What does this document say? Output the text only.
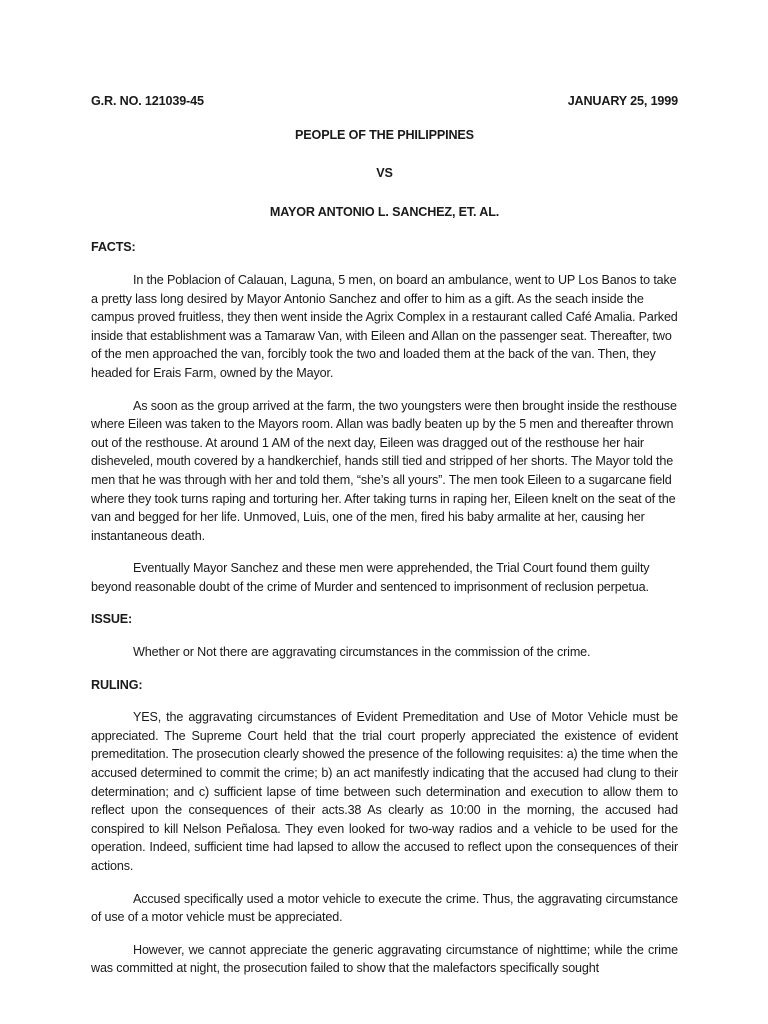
G.R. NO. 121039-45	JANUARY 25, 1999
PEOPLE OF THE PHILIPPINES
VS
MAYOR ANTONIO L. SANCHEZ, ET. AL.
FACTS:

In the Poblacion of Calauan, Laguna, 5 men, on board an ambulance, went to UP Los Banos to take a pretty lass long desired by Mayor Antonio Sanchez and offer to him as a gift. As the seach inside the campus proved fruitless, they then went inside the Agrix Complex in a restaurant called Café Amalia. Parked inside that establishment was a Tamaraw Van, with Eileen and Allan on the passenger seat. Thereafter, two of the men approached the van, forcibly took the two and loaded them at the back of the van. Then, they headed for Erais Farm, owned by the Mayor.

As soon as the group arrived at the farm, the two youngsters were then brought inside the resthouse where Eileen was taken to the Mayors room. Allan was badly beaten up by the 5 men and thereafter thrown out of the resthouse. At around 1 AM of the next day, Eileen was dragged out of the resthouse her hair disheveled, mouth covered by a handkerchief, hands still tied and stripped of her shorts. The Mayor told the men that he was through with her and told them, “she’s all yours”. The men took Eileen to a sugarcane field where they took turns raping and torturing her. After taking turns in raping her, Eileen knelt on the seat of the van and begged for her life. Unmoved, Luis, one of the men, fired his baby armalite at her, causing her instantaneous death.

Eventually Mayor Sanchez and these men were apprehended, the Trial Court found them guilty beyond reasonable doubt of the crime of Murder and sentenced to imprisonment of reclusion perpetua.

ISSUE:

Whether or Not there are aggravating circumstances in the commission of the crime.

RULING:

YES, the aggravating circumstances of Evident Premeditation and Use of Motor Vehicle must be appreciated. The Supreme Court held that the trial court properly appreciated the existence of evident premeditation. The prosecution clearly showed the presence of the following requisites: a) the time when the accused determined to commit the crime; b) an act manifestly indicating that the accused had clung to their determination; and c) sufficient lapse of time between such determination and execution to allow them to reflect upon the consequences of their acts.38 As clearly as 10:00 in the morning, the accused had conspired to kill Nelson Peñalosa. They even looked for two-way radios and a vehicle to be used for the operation. Indeed, sufficient time had lapsed to allow the accused to reflect upon the consequences of their actions.

Accused specifically used a motor vehicle to execute the crime. Thus, the aggravating circumstance of use of a motor vehicle must be appreciated.

However, we cannot appreciate the generic aggravating circumstance of nighttime; while the crime was committed at night, the prosecution failed to show that the malefactors specifically sought
